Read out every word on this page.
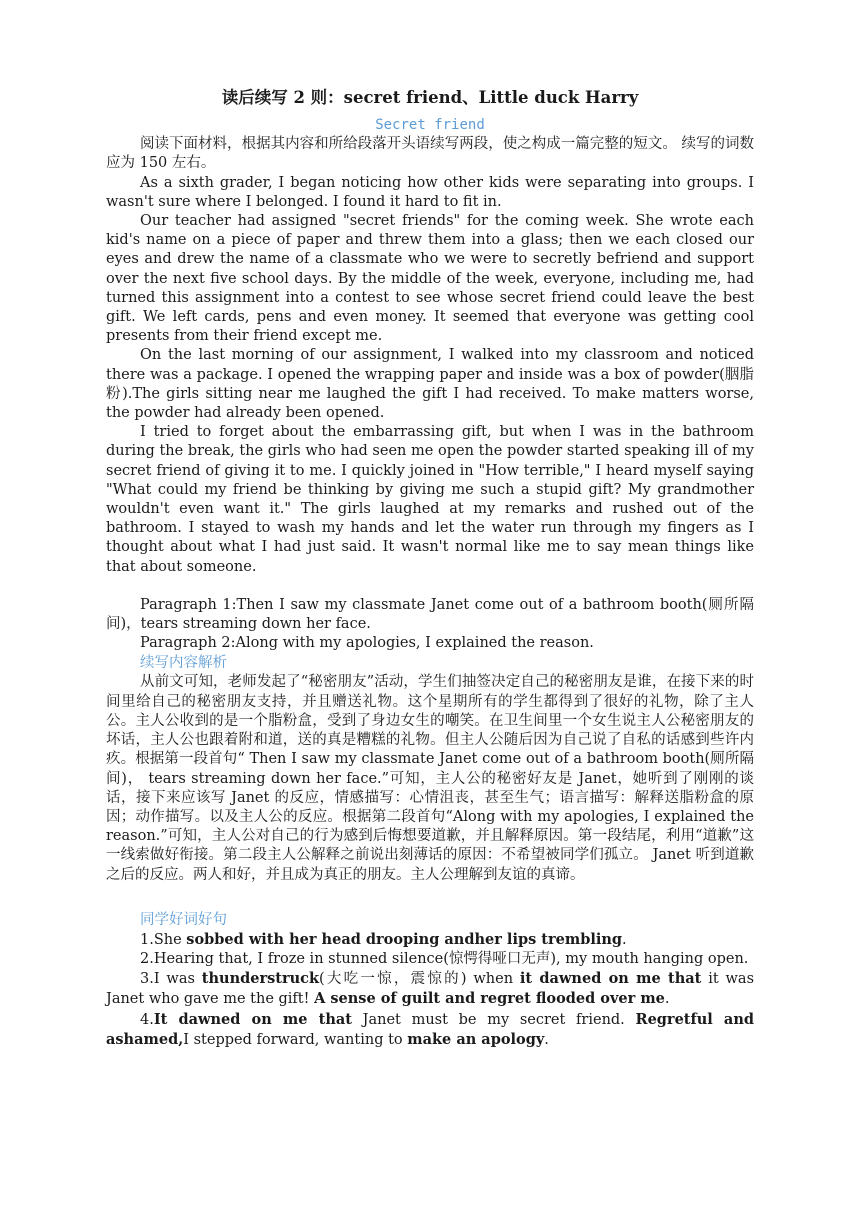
读后续写 2 则：secret friend、Little duck Harry
Secret friend

阅读下面材料，根据其内容和所给段落开头语续写两段，使之构成一篇完整的短文。 续写的词数应为 150 左右。

As a sixth grader, I began noticing how other kids were separating into groups. I wasn't sure where I belonged. I found it hard to fit in.

Our teacher had assigned "secret friends" for the coming week. She wrote each kid's name on a piece of paper and threw them into a glass; then we each closed our eyes and drew the name of a classmate who we were to secretly befriend and support over the next five school days. By the middle of the week, everyone, including me, had turned this assignment into a contest to see whose secret friend could leave the best gift. We left cards, pens and even money. It seemed that everyone was getting cool presents from their friend except me.

On the last morning of our assignment, I walked into my classroom and noticed there was a package. I opened the wrapping paper and inside was a box of powder(胭脂粉).The girls sitting near me laughed the gift I had received. To make matters worse, the powder had already been opened.

I tried to forget about the embarrassing gift, but when I was in the bathroom during the break, the girls who had seen me open the powder started speaking ill of my secret friend of giving it to me. I quickly joined in "How terrible," I heard myself saying "What could my friend be thinking by giving me such a stupid gift? My grandmother wouldn't even want it." The girls laughed at my remarks and rushed out of the bathroom. I stayed to wash my hands and let the water run through my fingers as I thought about what I had just said. It wasn't normal like me to say mean things like that about someone.

Paragraph 1:Then I saw my classmate Janet come out of a bathroom booth(厕所隔间)，tears streaming down her face.

Paragraph 2:Along with my apologies, I explained the reason.

续写内容解析

从前文可知，老师发起了“秘密朋友”活动，学生们抽签决定自己的秘密朋友是谁，在接下来的时间里给自己的秘密朋友支持，并且赠送礼物。这个星期所有的学生都得到了很好的礼物，除了主人公。主人公收到的是一个脂粉盒，受到了身边女生的嘲笑。在卫生间里一个女生说主人公秘密朋友的坏话，主人公也跟着附和道，送的真是糟糕的礼物。但主人公随后因为自己说了自私的话感到些许内疚。根据第一段首句“ Then I saw my classmate Janet come out of a bathroom booth(厕所隔间)， tears streaming down her face.”可知，主人公的秘密好友是 Janet，她听到了刚刚的谈话，接下来应该写 Janet 的反应，情感描写：心情沮丧，甚至生气；语言描写：解释送脂粉盒的原因；动作描写。以及主人公的反应。根据第二段首句“Along with my apologies, I explained the reason.”可知，主人公对自己的行为感到后悔想要道歉，并且解释原因。第一段结尾，利用“道歉”这一线索做好衔接。第二段主人公解释之前说出刻薄话的原因：不希望被同学们孤立。 Janet 听到道歉之后的反应。两人和好，并且成为真正的朋友。主人公理解到友谊的真谛。

同学好词好句

1.She sobbed with her head drooping andher lips trembling.

2.Hearing that, I froze in stunned silence(惊愕得哑口无声), my mouth hanging open.

3.I was thunderstruck(大吃一惊，震惊的) when it dawned on me that it was Janet who gave me the gift! A sense of guilt and regret flooded over me.

4.It dawned on me that Janet must be my secret friend. Regretful and ashamed,I stepped forward, wanting to make an apology.
